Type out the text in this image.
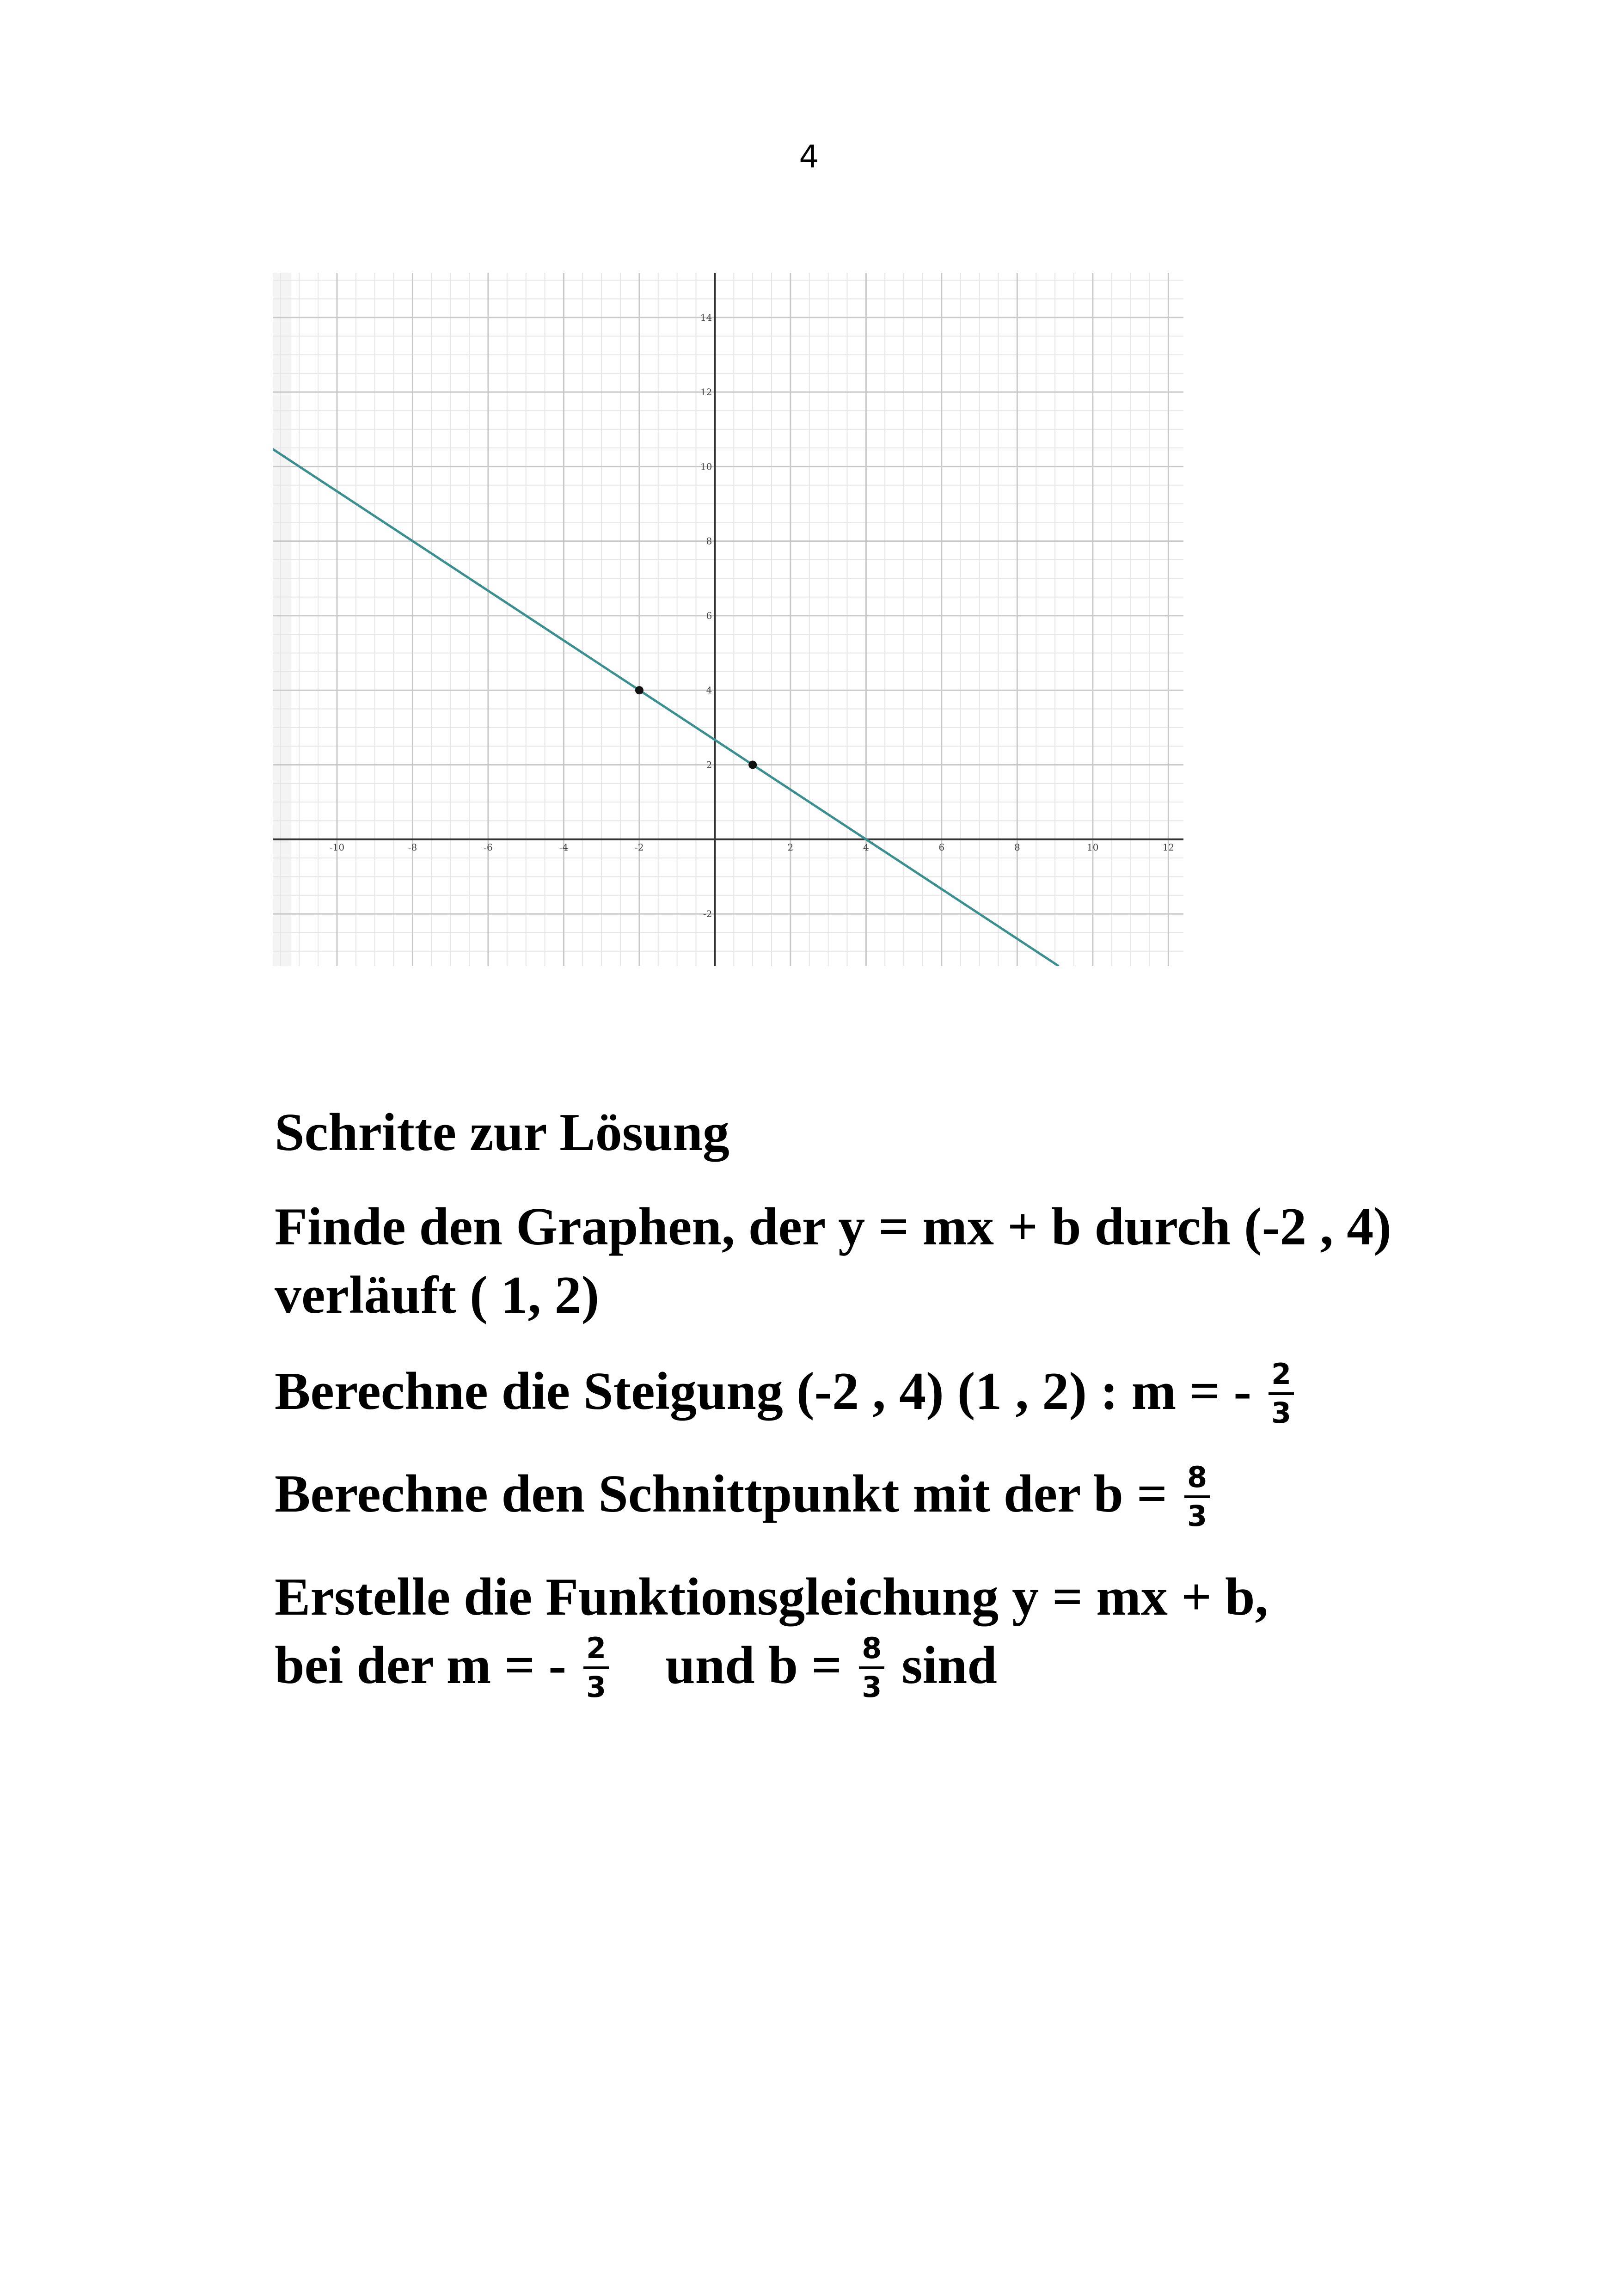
4
-10	-8	-6	-4	-2	2	4	6	8	10	12
-2
2
4
6
8
10
12
14
Schritte zur Lösung
Finde den Graphen, der y = mx + b durch (-2 , 4) verläuft ( 1, 2)
Berechne die Steigung (-2 , 4) (1 , 2) : m = - $\frac{2}{3}$
Berechne den Schnittpunkt mit der $b = \frac{8}{3}$
Erstelle die Funktionsgleichung y = mx + b,
bei der m = - $\frac{2}{3}$ und $b = \frac{8}{3}$ sind
